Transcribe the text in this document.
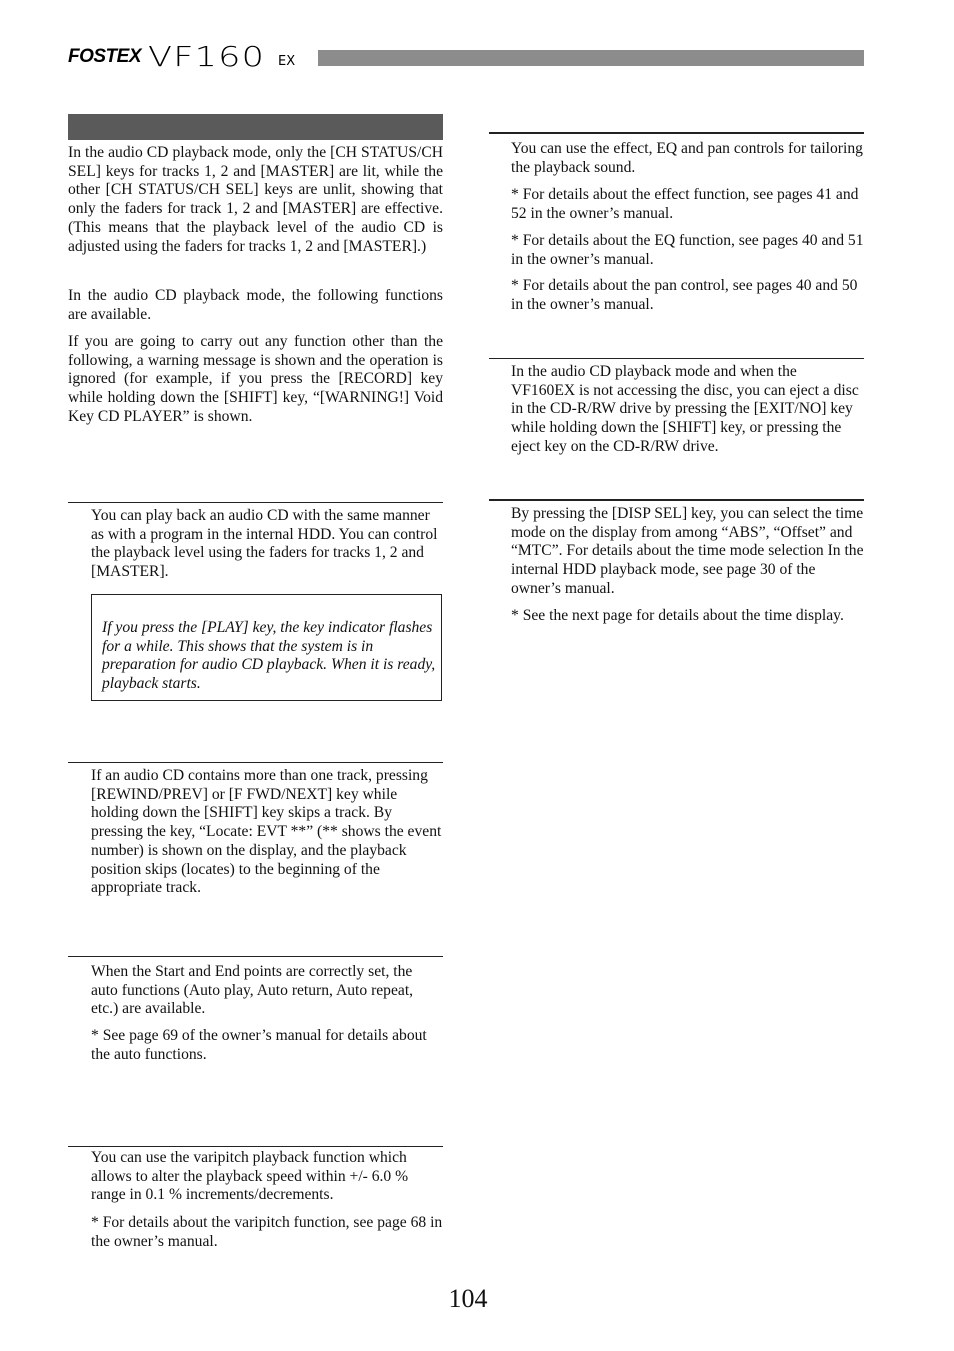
FOSTEX VF160 EX

In the audio CD playback mode, only the [CH STATUS/CH SEL] keys for tracks 1, 2 and [MASTER] are lit, while the other [CH STATUS/CH SEL] keys are unlit, showing that only the faders for track 1, 2 and [MASTER] are effective. (This means that the playback level of the audio CD is adjusted using the faders for tracks 1, 2 and [MASTER].)

In the audio CD playback mode, the following functions are available.

If you are going to carry out any function other than the following, a warning message is shown and the operation is ignored (for example, if you press the [RECORD] key while holding down the [SHIFT] key, “[WARNING!] Void Key CD PLAYER” is shown.

You can play back an audio CD with the same manner as with a program in the internal HDD. You can control the playback level using the faders for tracks 1, 2 and [MASTER].

If you press the [PLAY] key, the key indicator flashes for a while. This shows that the system is in preparation for audio CD playback. When it is ready, playback starts.

If an audio CD contains more than one track, pressing [REWIND/PREV] or [F FWD/NEXT] key while holding down the [SHIFT] key skips a track. By pressing the key, “Locate: EVT **” (** shows the event number) is shown on the display, and the playback position skips (locates) to the beginning of the appropriate track.

When the Start and End points are correctly set, the auto functions (Auto play, Auto return, Auto repeat, etc.) are available.

* See page 69 of the owner’s manual for details about the auto functions.

You can use the varipitch playback function which allows to alter the playback speed within +/- 6.0 % range in 0.1 % increments/decrements.

* For details about the varipitch function, see page 68 in the owner’s manual.

You can use the effect, EQ and pan controls for tailoring the playback sound.

* For details about the effect function, see pages 41 and 52 in the owner’s manual.

* For details about the EQ function, see pages 40 and 51 in the owner’s manual.

* For details about the pan control, see pages 40 and 50 in the owner’s manual.

In the audio CD playback mode and when the VF160EX is not accessing the disc, you can eject a disc in the CD-R/RW drive by pressing the [EXIT/NO] key while holding down the [SHIFT] key, or pressing the eject key on the CD-R/RW drive.

By pressing the [DISP SEL] key, you can select the time mode on the display from among “ABS”, “Offset” and “MTC”. For details about the time mode selection In the internal HDD playback mode, see page 30 of the owner’s manual.

* See the next page for details about the time display.

104
